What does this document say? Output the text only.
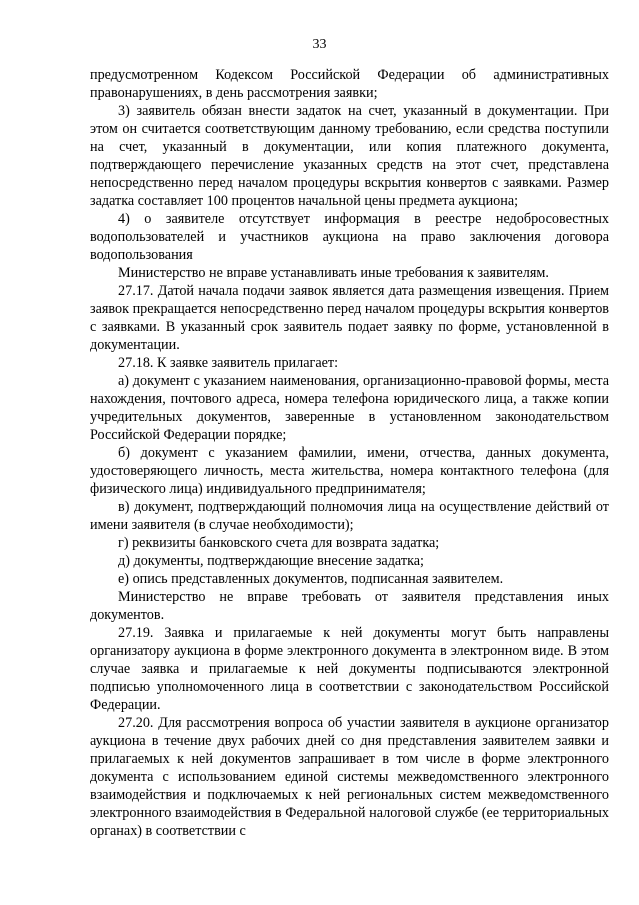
33

предусмотренном Кодексом Российской Федерации об административных правонарушениях, в день рассмотрения заявки;

3) заявитель обязан внести задаток на счет, указанный в документации. При этом он считается соответствующим данному требованию, если средства поступили на счет, указанный в документации, или копия платежного документа, подтверждающего перечисление указанных средств на этот счет, представлена непосредственно перед началом процедуры вскрытия конвертов с заявками. Размер задатка составляет 100 процентов начальной цены предмета аукциона;

4) о заявителе отсутствует информация в реестре недобросовестных водопользователей и участников аукциона на право заключения договора водопользования

Министерство не вправе устанавливать иные требования к заявителям.

27.17. Датой начала подачи заявок является дата размещения извещения. Прием заявок прекращается непосредственно перед началом процедуры вскрытия конвертов с заявками. В указанный срок заявитель подает заявку по форме, установленной в документации.

27.18. К заявке заявитель прилагает:

а) документ с указанием наименования, организационно-правовой формы, места нахождения, почтового адреса, номера телефона юридического лица, а также копии учредительных документов, заверенные в установленном законодательством Российской Федерации порядке;

б) документ с указанием фамилии, имени, отчества, данных документа, удостоверяющего личность, места жительства, номера контактного телефона (для физического лица) индивидуального предпринимателя;

в) документ, подтверждающий полномочия лица на осуществление действий от имени заявителя (в случае необходимости);

г) реквизиты банковского счета для возврата задатка;

д) документы, подтверждающие внесение задатка;

е) опись представленных документов, подписанная заявителем.

Министерство не вправе требовать от заявителя представления иных документов.

27.19. Заявка и прилагаемые к ней документы могут быть направлены организатору аукциона в форме электронного документа в электронном виде. В этом случае заявка и прилагаемые к ней документы подписываются электронной подписью уполномоченного лица в соответствии с законодательством Российской Федерации.

27.20. Для рассмотрения вопроса об участии заявителя в аукционе организатор аукциона в течение двух рабочих дней со дня представления заявителем заявки и прилагаемых к ней документов запрашивает в том числе в форме электронного документа с использованием единой системы межведомственного электронного взаимодействия и подключаемых к ней региональных систем межведомственного электронного взаимодействия в Федеральной налоговой службе (ее территориальных органах) в соответствии с
